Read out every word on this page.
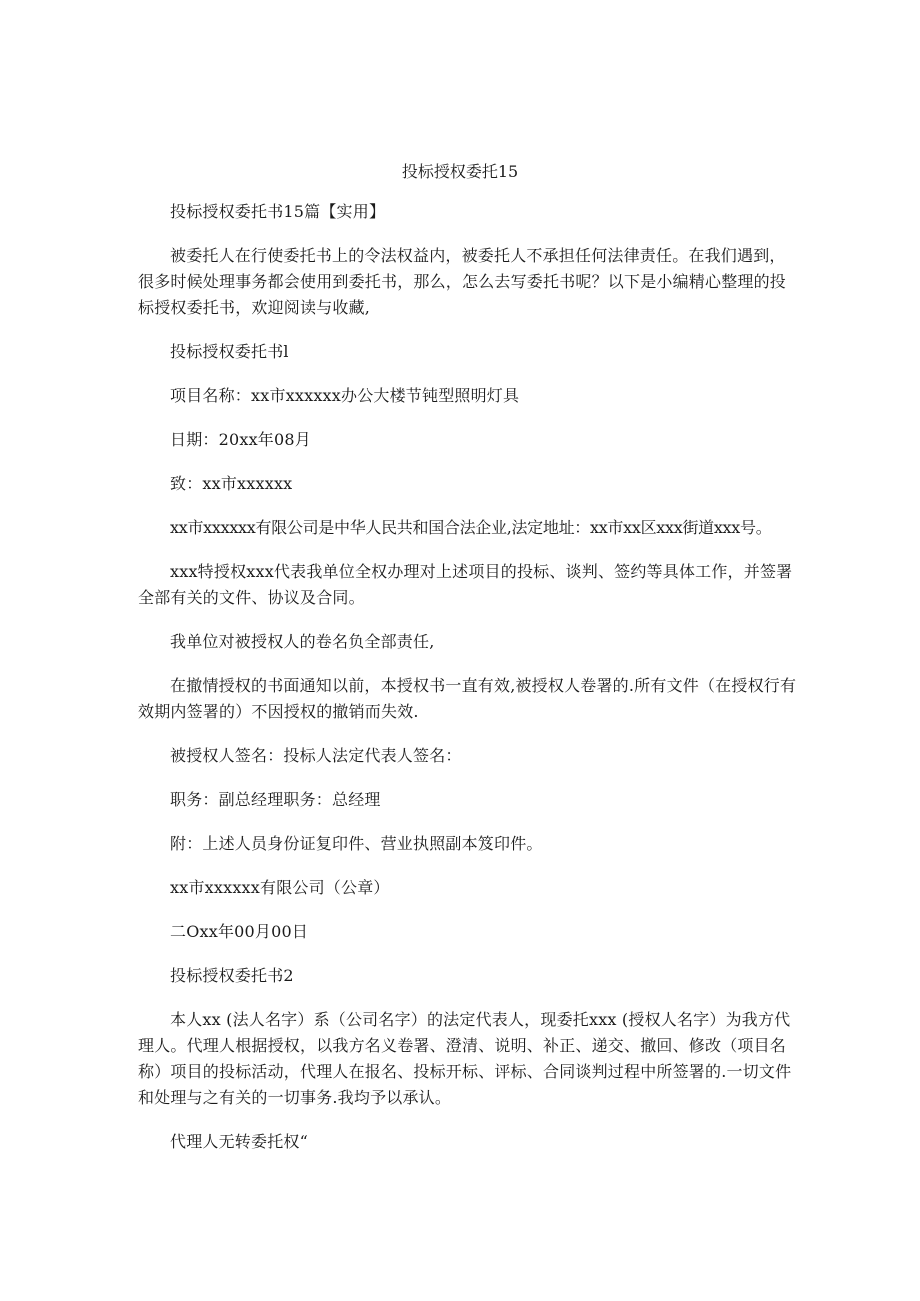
投标授权委托15

投标授权委托书15篇【实用】

被委托人在行使委托书上的令法权益内，被委托人不承担任何法律责任。在我们遇到，很多时候处理事务都会使用到委托书，那么，怎么去写委托书呢？以下是小编精心整理的投标授权委托书，欢迎阅读与收藏,

投标授权委托书l

项目名称：xx市xxxxxx办公大楼节钝型照明灯具

日期：20xx年08月

致：xx市xxxxxx

xx市xxxxxx有限公司是中华人民共和国合法企业,法定地址：xx市xx区xxx街道xxx号。

xxx特授权xxx代表我单位全权办理对上述项目的投标、谈判、签约等具体工作，并签署全部有关的文件、协议及合同。

我单位对被授权人的卷名负全部责任,

在撤情授权的书面通知以前，本授权书一直有效,被授权人卷署的.所有文件（在授权行有效期内签署的）不因授权的撤销而失效.

被授权人签名：投标人法定代表人签名：

职务：副总经理职务：总经理

附：上述人员身份证复印件、营业执照副本笈印件。

xx市xxxxxx有限公司（公章）

二Oxx年00月00日

投标授权委托书2

本人xx (法人名字）系（公司名字）的法定代表人，现委托xxx (授权人名字）为我方代理人。代理人根据授权，以我方名义卷署、澄清、说明、补正、递交、撤回、修改（项目名称）项目的投标活动，代理人在报名、投标开标、评标、合同谈判过程中所签署的.一切文件和处理与之有关的一切事务.我均予以承认。

代理人无转委托权“
